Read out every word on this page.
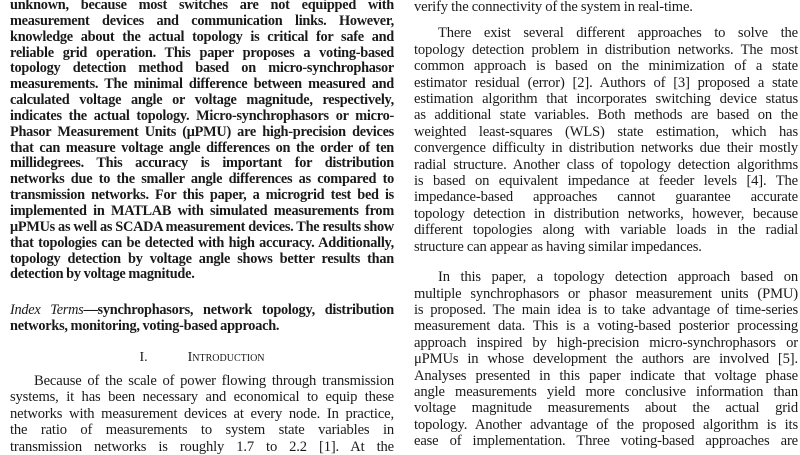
unknown, because most switches are not equipped with
measurement devices and communication links. However,
knowledge about the actual topology is critical for safe and
reliable grid operation. This paper proposes a voting-based
topology detection method based on micro-synchrophasor
measurements. The minimal difference between measured and
calculated voltage angle or voltage magnitude, respectively,
indicates the actual topology. Micro-synchrophasors or micro-
Phasor Measurement Units (μPMU) are high-precision devices
that can measure voltage angle differences on the order of ten
millidegrees. This accuracy is important for distribution
networks due to the smaller angle differences as compared to
transmission networks. For this paper, a microgrid test bed is
implemented in MATLAB with simulated measurements from
μPMUs as well as SCADA measurement devices. The results show
that topologies can be detected with high accuracy. Additionally,
topology detection by voltage angle shows better results than
detection by voltage magnitude.
Index Terms—synchrophasors, network topology, distribution
networks, monitoring, voting-based approach.
I.	Introduction
Because of the scale of power flowing through transmission
systems, it has been necessary and economical to equip these
networks with measurement devices at every node. In practice,
the ratio of measurements to system state variables in
transmission networks is roughly 1.7 to 2.2 [1]. At the
verify the connectivity of the system in real-time.
There exist several different approaches to solve the
topology detection problem in distribution networks. The most
common approach is based on the minimization of a state
estimator residual (error) [2]. Authors of [3] proposed a state
estimation algorithm that incorporates switching device status
as additional state variables. Both methods are based on the
weighted least-squares (WLS) state estimation, which has
convergence difficulty in distribution networks due their mostly
radial structure. Another class of topology detection algorithms
is based on equivalent impedance at feeder levels [4]. The
impedance-based approaches cannot guarantee accurate
topology detection in distribution networks, however, because
different topologies along with variable loads in the radial
structure can appear as having similar impedances.
In this paper, a topology detection approach based on
multiple synchrophasors or phasor measurement units (PMU)
is proposed. The main idea is to take advantage of time-series
measurement data. This is a voting-based posterior processing
approach inspired by high-precision micro-synchrophasors or
μPMUs in whose development the authors are involved [5].
Analyses presented in this paper indicate that voltage phase
angle measurements yield more conclusive information than
voltage magnitude measurements about the actual grid
topology. Another advantage of the proposed algorithm is its
ease of implementation. Three voting-based approaches are
